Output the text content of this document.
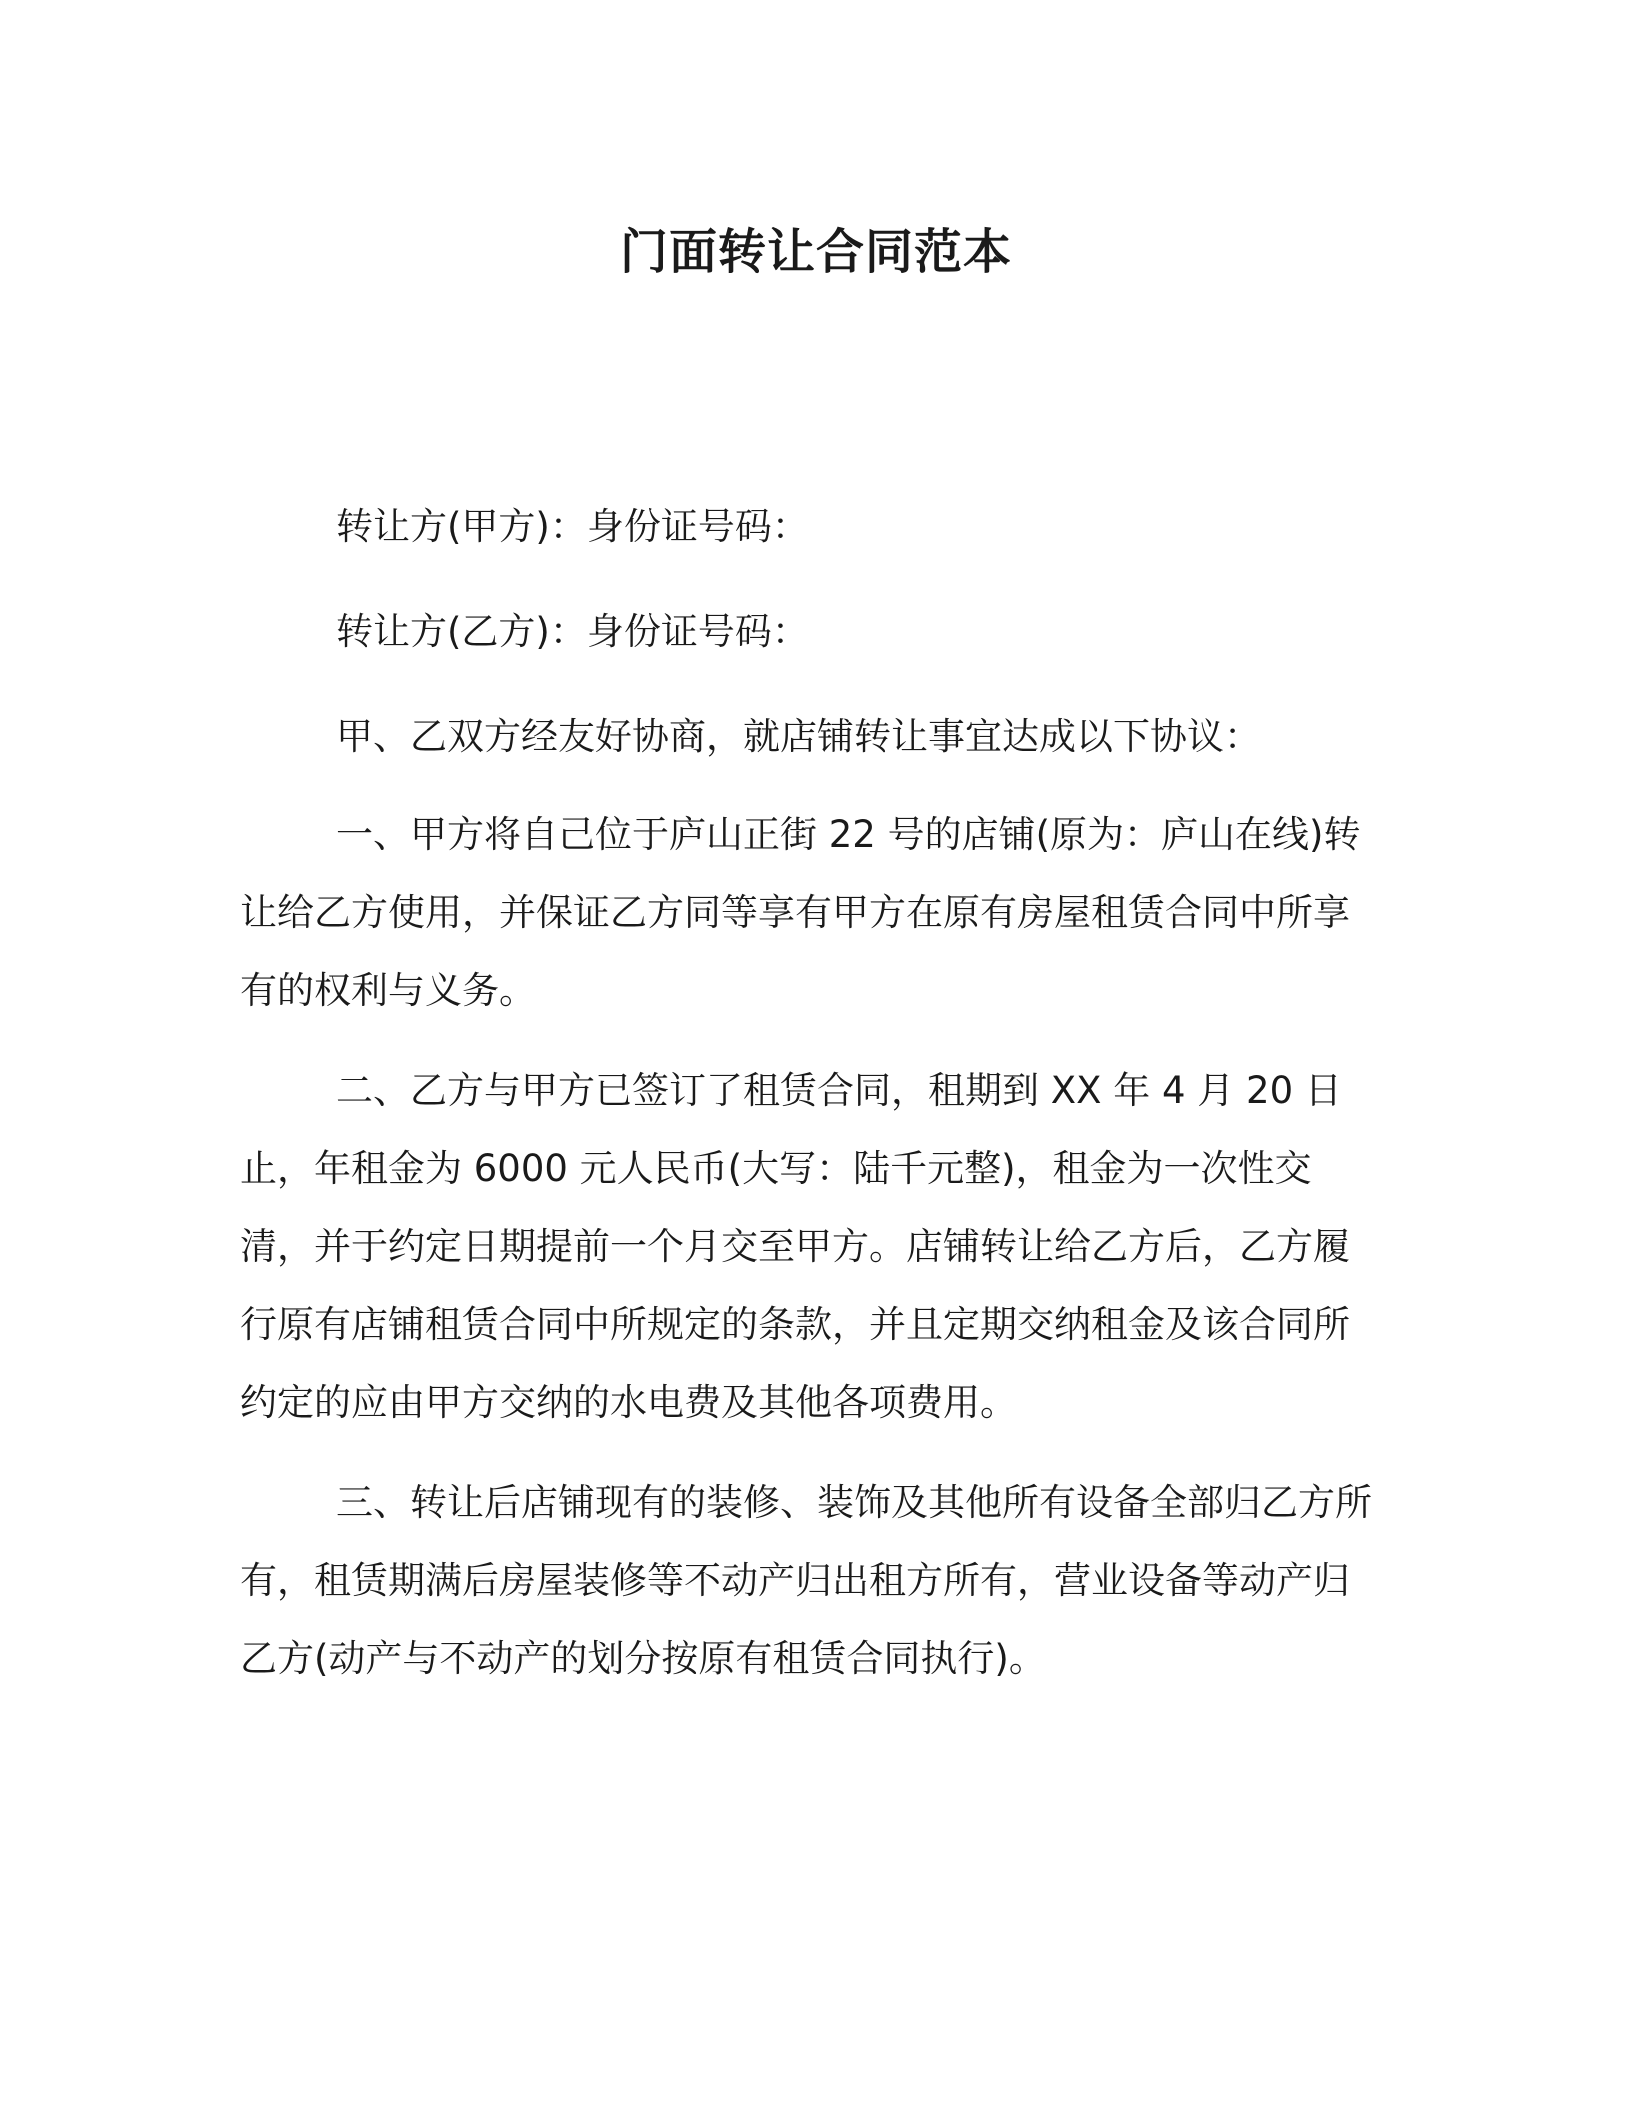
门面转让合同范本

转让方(甲方)：身份证号码：

转让方(乙方)：身份证号码：

甲、乙双方经友好协商，就店铺转让事宜达成以下协议：

一、甲方将自己位于庐山正街 22 号的店铺(原为：庐山在线)转让给乙方使用，并保证乙方同等享有甲方在原有房屋租赁合同中所享有的权利与义务。

二、乙方与甲方已签订了租赁合同，租期到 XX 年 4 月 20 日止，年租金为 6000 元人民币(大写：陆千元整)，租金为一次性交清，并于约定日期提前一个月交至甲方。店铺转让给乙方后，乙方履行原有店铺租赁合同中所规定的条款，并且定期交纳租金及该合同所约定的应由甲方交纳的水电费及其他各项费用。

三、转让后店铺现有的装修、装饰及其他所有设备全部归乙方所有，租赁期满后房屋装修等不动产归出租方所有，营业设备等动产归乙方(动产与不动产的划分按原有租赁合同执行)。
